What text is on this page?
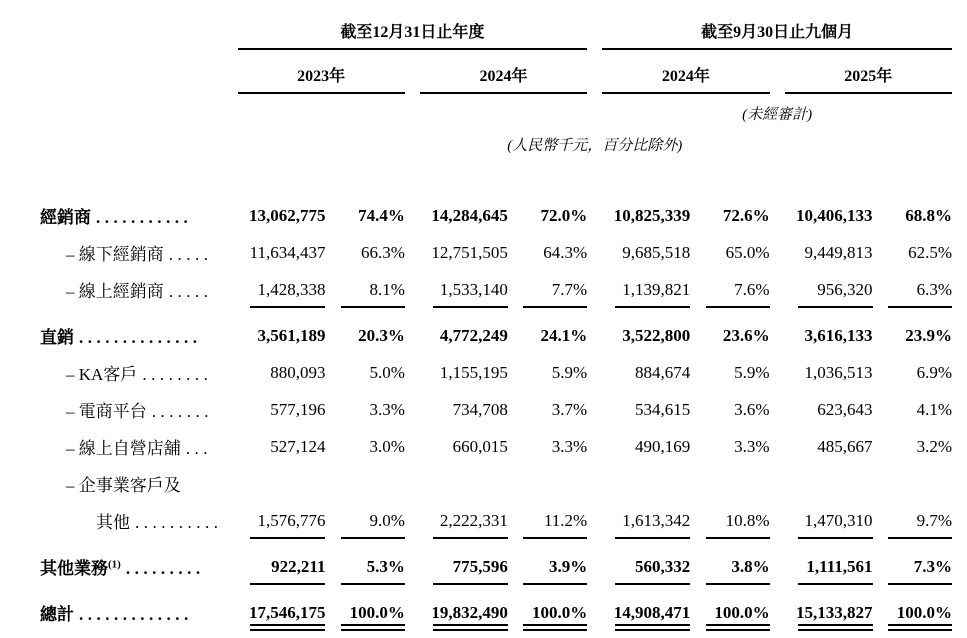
	截至12月31日止年度				截至9月30日止九個月			
	2023年		2024年		2024年		2025年	
					(未經審計)			
	(人民幣千元，百分比除外)							

經銷商 ...........	13,062,775	74.4%	14,284,645	72.0%	10,825,339	72.6%	10,406,133	68.8%
– 線下經銷商 .....	11,634,437	66.3%	12,751,505	64.3%	9,685,518	65.0%	9,449,813	62.5%
– 線上經銷商 .....	1,428,338	8.1%	1,533,140	7.7%	1,139,821	7.6%	956,320	6.3%

直銷 ..............	3,561,189	20.3%	4,772,249	24.1%	3,522,800	23.6%	3,616,133	23.9%
– KA客戶 ........	880,093	5.0%	1,155,195	5.9%	884,674	5.9%	1,036,513	6.9%
– 電商平台 .......	577,196	3.3%	734,708	3.7%	534,615	3.6%	623,643	4.1%
– 線上自營店舖 ...	527,124	3.0%	660,015	3.3%	490,169	3.3%	485,667	3.2%
– 企事業客戶及								
其他 ..........	1,576,776	9.0%	2,222,331	11.2%	1,613,342	10.8%	1,470,310	9.7%

其他業務$^{(1)}$ .........	922,211	5.3%	775,596	3.9%	560,332	3.8%	1,111,561	7.3%

總計 .............	17,546,175	100.0%	19,832,490	100.0%	14,908,471	100.0%	15,133,827	100.0%
